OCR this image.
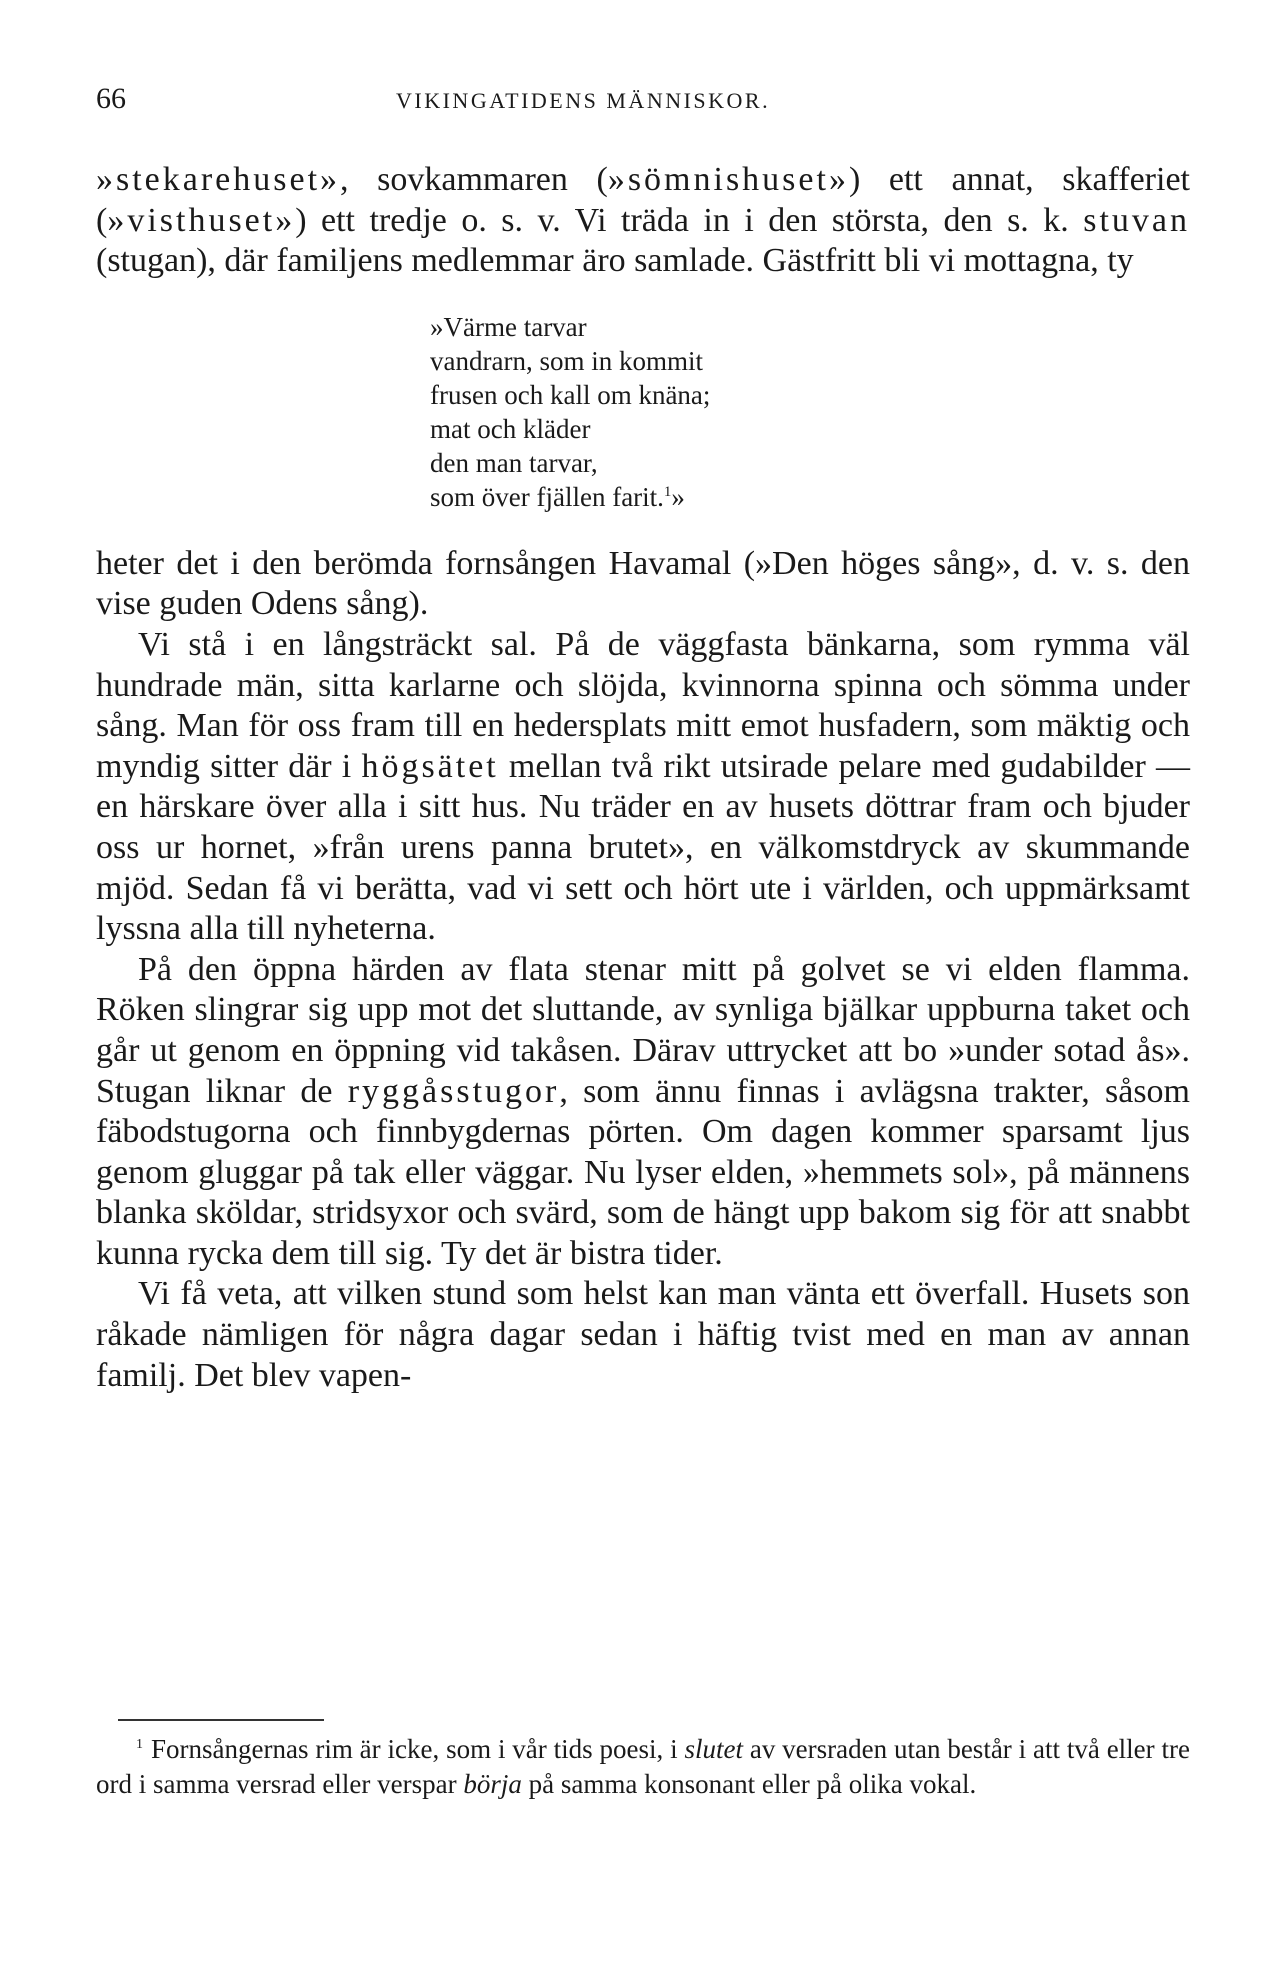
66	VIKINGATIDENS MÄNNISKOR.

»stekarehuset», sovkammaren (»sömnishuset») ett annat, skafferiet (»visthuset») ett tredje o. s. v. Vi träda in i den största, den s. k. stuvan (stugan), där familjens medlemmar äro samlade. Gästfritt bli vi mottagna, ty

»Värme tarvar
vandrarn, som in kommit
frusen och kall om knäna;
mat och kläder
den man tarvar,
som över fjällen farit.$^1$»

heter det i den berömda fornsången Havamal (»Den höges sång», d. v. s. den vise guden Odens sång).

Vi stå i en långsträckt sal. På de väggfasta bänkarna, som rymma väl hundrade män, sitta karlarne och slöjda, kvinnorna spinna och sömma under sång. Man för oss fram till en hedersplats mitt emot husfadern, som mäktig och myndig sitter där i högsätet mellan två rikt utsirade pelare med gudabilder — en härskare över alla i sitt hus. Nu träder en av husets döttrar fram och bjuder oss ur hornet, »från urens panna brutet», en välkomstdryck av skummande mjöd. Sedan få vi berätta, vad vi sett och hört ute i världen, och uppmärksamt lyssna alla till nyheterna.

På den öppna härden av flata stenar mitt på golvet se vi elden flamma. Röken slingrar sig upp mot det sluttande, av synliga bjälkar uppburna taket och går ut genom en öppning vid takåsen. Därav uttrycket att bo »under sotad ås». Stugan liknar de ryggåsstugor, som ännu finnas i avlägsna trakter, såsom fäbodstugorna och finnbygdernas pörten. Om dagen kommer sparsamt ljus genom gluggar på tak eller väggar. Nu lyser elden, »hemmets sol», på männens blanka sköldar, stridsyxor och svärd, som de hängt upp bakom sig för att snabbt kunna rycka dem till sig. Ty det är bistra tider.

Vi få veta, att vilken stund som helst kan man vänta ett överfall. Husets son råkade nämligen för några dagar sedan i häftig tvist med en man av annan familj. Det blev vapen-

$^1$ Fornsångernas rim är icke, som i vår tids poesi, i slutet av versraden utan består i att två eller tre ord i samma versrad eller verspar börja på samma konsonant eller på olika vokal.
